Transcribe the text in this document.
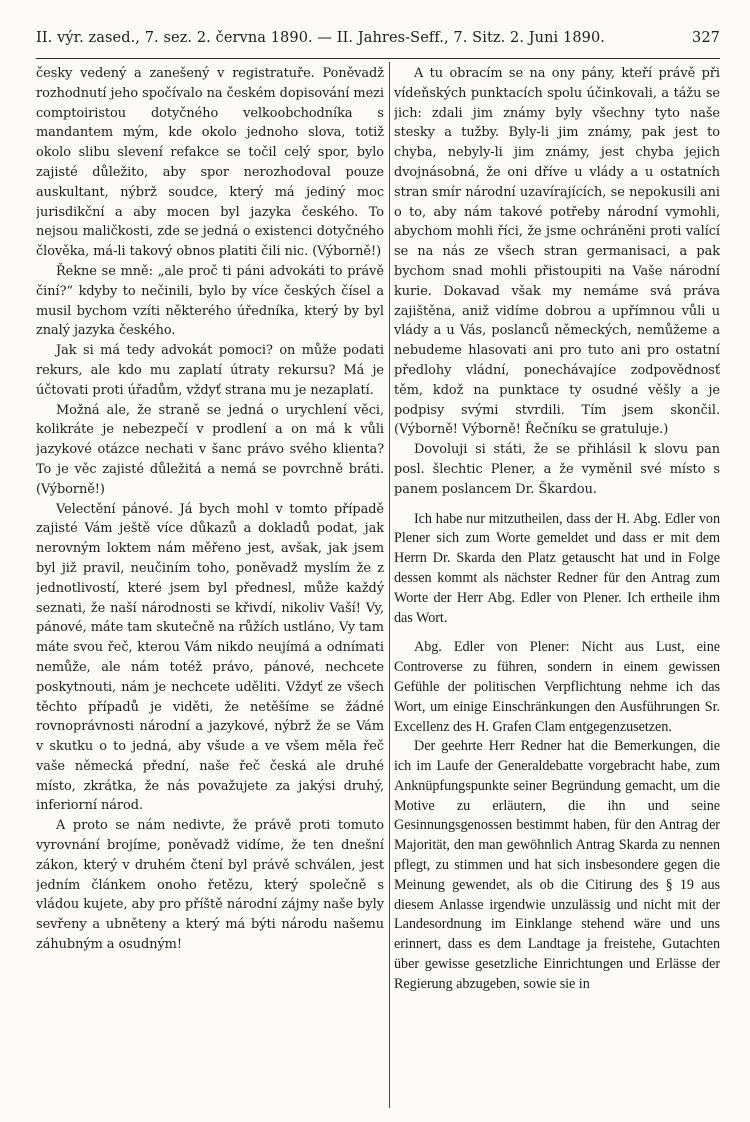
II. výr. zased., 7. sez. 2. června 1890. — II. Jahres-Seff., 7. Sitz. 2. Juni 1890.	327

česky vedený a zanešený v registratuře. Poněvadž rozhodnutí jeho spočívalo na českém dopisování mezi comptoiristou dotyčného velkoobchodníka s mandantem mým, kde okolo jednoho slova, totiž okolo slibu slevení refakce se točil celý spor, bylo zajisté důležito, aby spor nerozhodoval pouze auskultant, nýbrž soudce, který má jediný moc jurisdikční a aby mocen byl jazyka českého. To nejsou maličkosti, zde se jedná o existenci dotyčného člověka, má-li takový obnos platiti čili nic. (Výborně!)

Řekne se mně: „ale proč ti páni advokáti to právě činí?“ kdyby to nečinili, bylo by více českých čísel a musil bychom vzíti některého úředníka, který by byl znalý jazyka českého.

Jak si má tedy advokát pomoci? on může podati rekurs, ale kdo mu zaplatí útraty rekursu? Má je účtovati proti úřadům, vždyť strana mu je nezaplatí.

Možná ale, že straně se jedná o urychlení věci, kolikráte je nebezpečí v prodlení a on má k vůli jazykové otázce nechati v šanc právo svého klienta? To je věc zajisté důležitá a nemá se povrchně bráti. (Výborně!)

Velectění pánové. Já bych mohl v tomto případě zajisté Vám ještě více důkazů a dokladů podat, jak nerovným loktem nám měřeno jest, avšak, jak jsem byl již pravil, neučiním toho, poněvadž myslím že z jednotlivostí, které jsem byl přednesl, může každý seznati, že naší národnosti se křivdí, nikoliv Vaší! Vy, pánové, máte tam skutečně na růžích ustláno, Vy tam máte svou řeč, kterou Vám nikdo neujímá a odnímati nemůže, ale nám totéž právo, pánové, nechcete poskytnouti, nám je nechcete uděliti. Vždyť ze všech těchto případů je viděti, že netěšíme se žádné rovnoprávnosti národní a jazykové, nýbrž že se Vám v skutku o to jedná, aby všude a ve všem měla řeč vaše německá přední, naše řeč česká ale druhé místo, zkrátka, že nás považujete za jakýsi druhý, inferiorní národ.

A proto se nám nedivte, že právě proti tomuto vyrovnání brojíme, poněvadž vidíme, že ten dnešní zákon, který v druhém čtení byl právě schválen, jest jedním článkem onoho řetězu, který společně s vládou kujete, aby pro příště národní zájmy naše byly sevřeny a ubněteny a který má býti národu našemu záhubným a osudným!

A tu obracím se na ony pány, kteří právě při vídeňských punktacích spolu účinkovali, a tážu se jich: zdali jim známy byly všechny tyto naše stesky a tužby. Byly-li jim známy, pak jest to chyba, nebyly-li jim známy, jest chyba jejich dvojnásobná, že oni dříve u vlády a u ostatních stran smír národní uzavírajících, se nepokusili ani o to, aby nám takové potřeby národní vymohli, abychom mohli říci, že jsme ochráněni proti valící se na nás ze všech stran germanisaci, a pak bychom snad mohli přistoupiti na Vaše národní kurie. Dokavad však my nemáme svá práva zajištěna, aniž vidíme dobrou a upřímnou vůli u vlády a u Vás, poslanců německých, nemůžeme a nebudeme hlasovati ani pro tuto ani pro ostatní předlohy vládní, ponechávajíce zodpovědnosť těm, kdož na punktace ty osudné věšly a je podpisy svými stvrdili. Tím jsem skončil. (Výborně! Výborně! Řečníku se gratuluje.)

Dovoluji si státi, že se přihlásil k slovu pan posl. šlechtic Plener, a že vyměnil své místo s panem poslancem Dr. Škardou.

Ich habe nur mitzutheilen, dass der H. Abg. Edler von Plener sich zum Worte gemeldet und dass er mit dem Herrn Dr. Skarda den Platz getauscht hat und in Folge dessen kommt als nächster Redner für den Antrag zum Worte der Herr Abg. Edler von Plener. Ich ertheile ihm das Wort.

Abg. Edler von Plener: Nicht aus Lust, eine Controverse zu führen, sondern in einem gewissen Gefühle der politischen Verpflichtung nehme ich das Wort, um einige Einschränkungen den Ausführungen Sr. Excellenz des H. Grafen Clam entgegenzusetzen.

Der geehrte Herr Redner hat die Bemerkungen, die ich im Laufe der Generaldebatte vorgebracht habe, zum Anknüpfungspunkte seiner Begründung gemacht, um die Motive zu erläutern, die ihn und seine Gesinnungsgenossen bestimmt haben, für den Antrag der Majorität, den man gewöhnlich Antrag Skarda zu nennen pflegt, zu stimmen und hat sich insbesondere gegen die Meinung gewendet, als ob die Citirung des § 19 aus diesem Anlasse irgendwie unzulässig und nicht mit der Landesordnung im Einklange stehend wäre und uns erinnert, dass es dem Landtage ja freistehe, Gutachten über gewisse gesetzliche Einrichtungen und Erlässe der Regierung abzugeben, sowie sie in
